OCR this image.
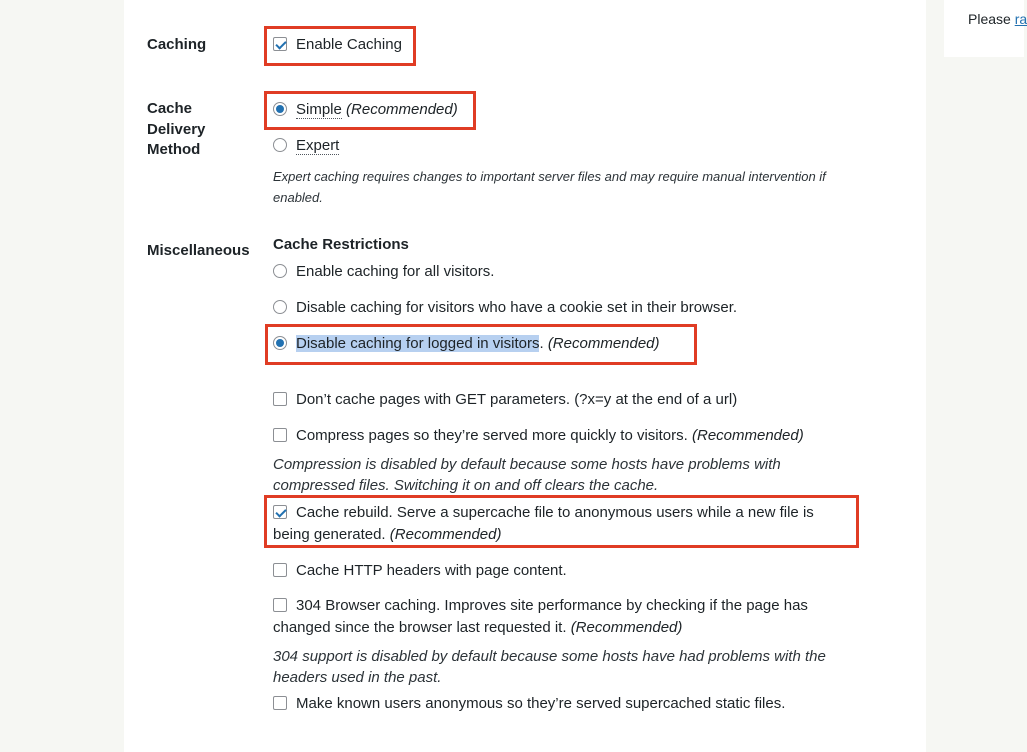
Please ra
Caching	Enable Caching
Cache Delivery Method
Simple (Recommended)
Expert
Expert caching requires changes to important server files and may require manual intervention if enabled.
Miscellaneous Cache Restrictions
Enable caching for all visitors.
Disable caching for visitors who have a cookie set in their browser.
Disable caching for logged in visitors. (Recommended)
Don’t cache pages with GET parameters. (?x=y at the end of a url)
Compress pages so they’re served more quickly to visitors. (Recommended)
Compression is disabled by default because some hosts have problems with compressed files. Switching it on and off clears the cache.
Cache rebuild. Serve a supercache file to anonymous users while a new file is being generated. (Recommended)
Cache HTTP headers with page content.
304 Browser caching. Improves site performance by checking if the page has changed since the browser last requested it. (Recommended)
304 support is disabled by default because some hosts have had problems with the headers used in the past.
Make known users anonymous so they’re served supercached static files.
